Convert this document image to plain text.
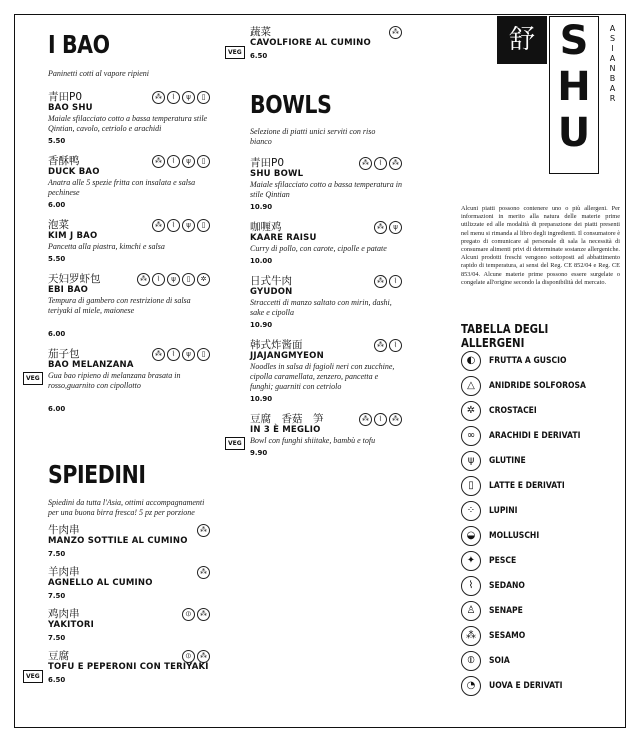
I BAO
Paninetti cotti al vapore ripieni
⁂	⌇	ψ	▯
青田P0
BAO SHU
Maiale sfilacciato cotto a bassa temperatura stile Qintian, cavolo, cetriolo e arachidi
5.50
⁂	⌇	ψ	▯
香酥鸭
DUCK BAO
Anatra alle 5 spezie fritta con insalata e salsa pechinese
6.00
⁂	⌇	ψ	▯
泡菜
KIM J BAO
Pancetta alla piastra, kimchi e salsa
5.50
⁂	⌇	ψ	▯	✲
天妇罗虾包
EBI BAO
Tempura di gambero con restrizione di salsa teriyaki al miele, maionese
6.00
⁂	⌇	ψ	▯
VEG
茄子包
BAO MELANZANA
Gua bao ripieno di melanzana brasata in rosso,guarnito con cipollotto
6.00
SPIEDINI
Spiedini da tutta l'Asia, ottimi accompagnamenti per una buona birra fresca! 5 pz per porzione
⁂
牛肉串
MANZO SOTTILE AL CUMINO
7.50
⁂
羊肉串
AGNELLO AL CUMINO
7.50
⦶	⁂
鸡肉串
YAKITORI
7.50
⦶	⁂
VEG
豆腐
TOFU E PEPERONI CON TERIYAKI
6.50
⁂
VEG
蔬菜
CAVOLFIORE AL CUMINO
6.50
BOWLS
Selezione di piatti unici serviti con riso bianco
⁂	⌇	⁂
青田P0
SHU BOWL
Maiale sfilacciato cotto a bassa temperatura in stile Qintian
10.90
⁂	ψ
咖喱鸡
KAARE RAISU
Curry di pollo, con carote, cipolle e patate
10.00
⁂	⌇
日式牛肉
GYUDON
Straccetti di manzo saltato con mirin, dashi, sake e cipolla
10.90
⁂	⌇
韩式炸酱面
JJAJANGMYEON
Noodles in salsa di fagioli neri con zucchine, cipolla caramellata, zenzero, pancetta e funghi; guarniti con cetriolo
10.90
⁂	⌇	⁂
VEG
豆腐　香菇　笋
IN 3 È MEGLIO
Bowl con funghi shiitake, bambù e tofu
9.90
舒 S
H
U
A
S
I
A
N
B
A
R
Alcuni piatti possono contenere uno o più allergeni. Per informazioni in merito alla natura delle materie prime utilizzate ed alle modalità di preparazione dei piatti presenti nel menu si rimanda al libro degli ingredienti. Il consumatore è pregato di comunicare al personale di sala la necessità di consumare alimenti privi di determinate sostanze allergeniche. Alcuni prodotti freschi vengono sottoposti ad abbattimento rapido di temperatura, ai sensi del Reg. CE 852/04 e Reg. CE 853/04. Alcune materie prime possono essere surgelate o congelate all'origine secondo la disponibilità del mercato.
TABELLA DEGLI ALLERGENI
◐	FRUTTA A GUSCIO
△	ANIDRIDE SOLFOROSA
✲	CROSTACEI
∞	ARACHIDI E DERIVATI
ψ	GLUTINE
▯	LATTE E DERIVATI
⁘	LUPINI
◒	MOLLUSCHI
✦	PESCE
⌇	SEDANO
♙	SENAPE
⁂	SESAMO
⦶	SOIA
◔	UOVA E DERIVATI
